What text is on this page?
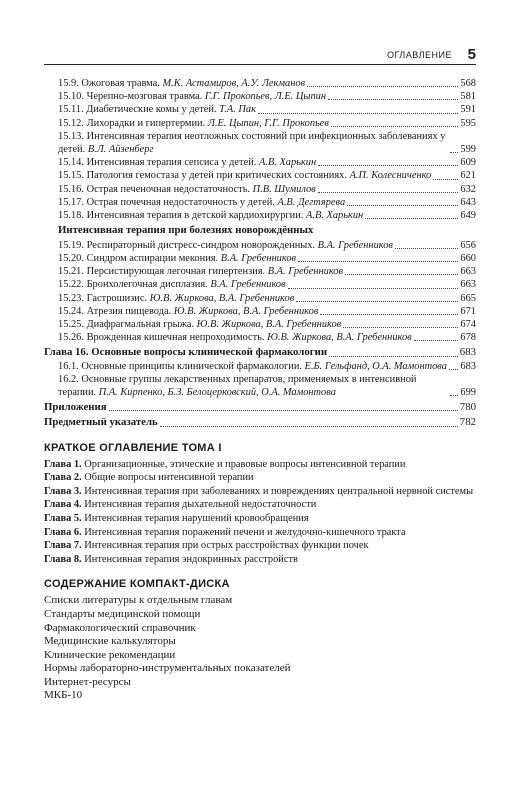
ОГЛАВЛЕНИЕ 5
15.9. Ожоговая травма. М.К. Астамиров, А.У. Лекманов	568
15.10. Черепно-мозговая травма. Г.Г. Прокопьев, Л.Е. Цыпин	581
15.11. Диабетические комы у детей. Т.А. Пак	591
15.12. Лихорадки и гипертермии. Л.Е. Цыпин, Г.Г. Прокопьев	595
15.13. Интенсивная терапия неотложных состояний при инфекционных заболеваниях у детей. В.Л. Айзенберг	599
15.14. Интенсивная терапия сепсиса у детей. А.В. Харькин	609
15.15. Патология гемостаза у детей при критических состояниях. А.П. Колесниченко	621
15.16. Острая печеночная недостаточность. П.В. Шумилов	632
15.17. Острая почечная недостаточность у детей. А.В. Дегтярева	643
15.18. Интенсивная терапия в детской кардиохирургии. А.В. Харькин	649
Интенсивная терапия при болезнях новорождённых
15.19. Респираторный дистресс-синдром новорожденных. В.А. Гребенников	656
15.20. Синдром аспирации мекония. В.А. Гребенников	660
15.21. Персистирующая легочная гипертензия. В.А. Гребенников	663
15.22. Бронхолегочная дисплазия. В.А. Гребенников	663
15.23. Гастрошизис. Ю.В. Жиркова, В.А. Гребенников	665
15.24. Атрезия пищевода. Ю.В. Жиркова, В.А. Гребенников	671
15.25. Диафрагмальная грыжа. Ю.В. Жиркова, В.А. Гребенников	674
15.26. Врожденная кишечная непроходимость. Ю.В. Жиркова, В.А. Гребенников	678
Глава 16. Основные вопросы клинической фармакологии	683
16.1. Основные принципы клинической фармакологии. Е.Б. Гельфанд, О.А. Мамонтова 683
16.2. Основные группы лекарственных препаратов, применяемых в интенсивной терапии. П.А. Кирпенко, Б.З. Белоцерковский, О.А. Мамонтова	699
Приложения	780
Предметный указатель	782
КРАТКОЕ ОГЛАВЛЕНИЕ ТОМА I
Глава 1. Организационные, этические и правовые вопросы интенсивной терапии
Глава 2. Общие вопросы интенсивной терапии
Глава 3. Интенсивная терапия при заболеваниях и повреждениях центральной нервной системы
Глава 4. Интенсивная терапия дыхательной недостаточности
Глава 5. Интенсивная терапия нарушений кровообращения
Глава 6. Интенсивная терапия поражений печени и желудочно-кишечного тракта
Глава 7. Интенсивная терапия при острых расстройствах функции почек
Глава 8. Интенсивная терапия эндокринных расстройств
СОДЕРЖАНИЕ КОМПАКТ-ДИСКА
Списки литературы к отдельным главам
Стандарты медицинской помощи
Фармакологический справочник
Медицинские калькуляторы
Клинические рекомендации
Нормы лабораторно-инструментальных показателей
Интернет-ресурсы
МКБ-10
